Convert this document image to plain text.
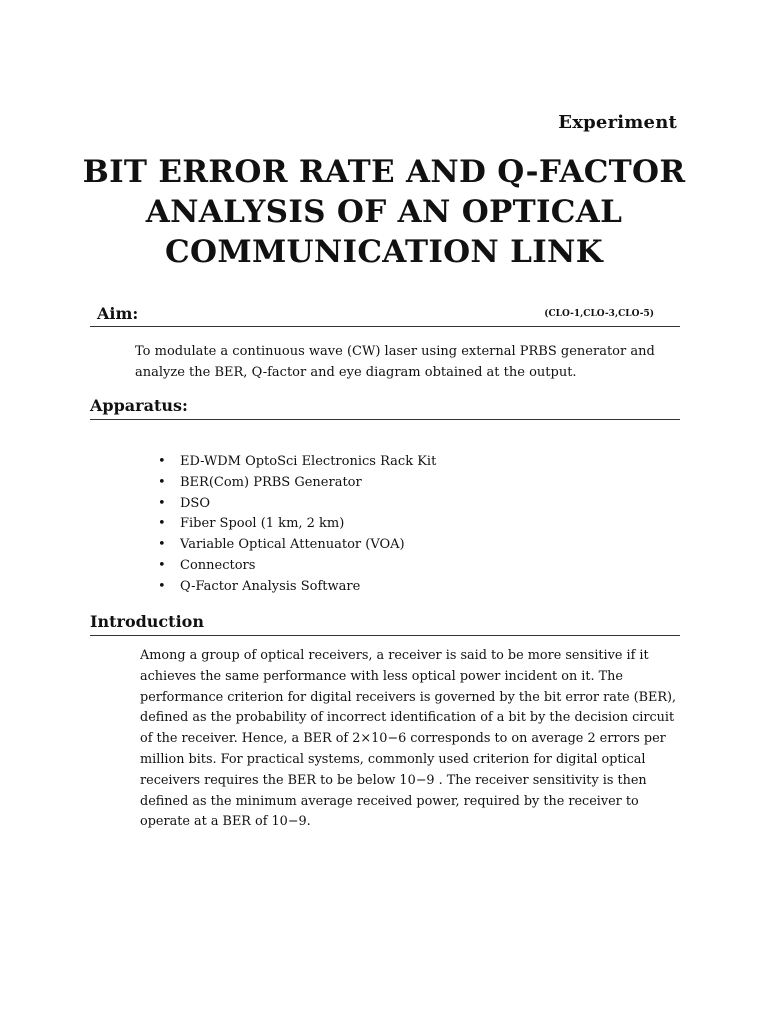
Experiment
BIT ERROR RATE AND Q-FACTOR
ANALYSIS OF AN OPTICAL
COMMUNICATION LINK
Aim:	(CLO-1,CLO-3,CLO-5)
To modulate a continuous wave (CW) laser using external PRBS generator and analyze the BER, Q-factor and eye diagram obtained at the output.
Apparatus:
• ED-WDM OptoSci Electronics Rack Kit
• BER(Com) PRBS Generator
• DSO
• Fiber Spool (1 km, 2 km)
• Variable Optical Attenuator (VOA)
• Connectors
• Q-Factor Analysis Software
Introduction
Among a group of optical receivers, a receiver is said to be more sensitive if it achieves the same performance with less optical power incident on it. The performance criterion for digital receivers is governed by the bit error rate (BER), defined as the probability of incorrect identification of a bit by the decision circuit of the receiver. Hence, a BER of 2×10−6 corresponds to on average 2 errors per million bits. For practical systems, commonly used criterion for digital optical receivers requires the BER to be below 10−9 . The receiver sensitivity is then defined as the minimum average received power, required by the receiver to operate at a BER of 10−9.
